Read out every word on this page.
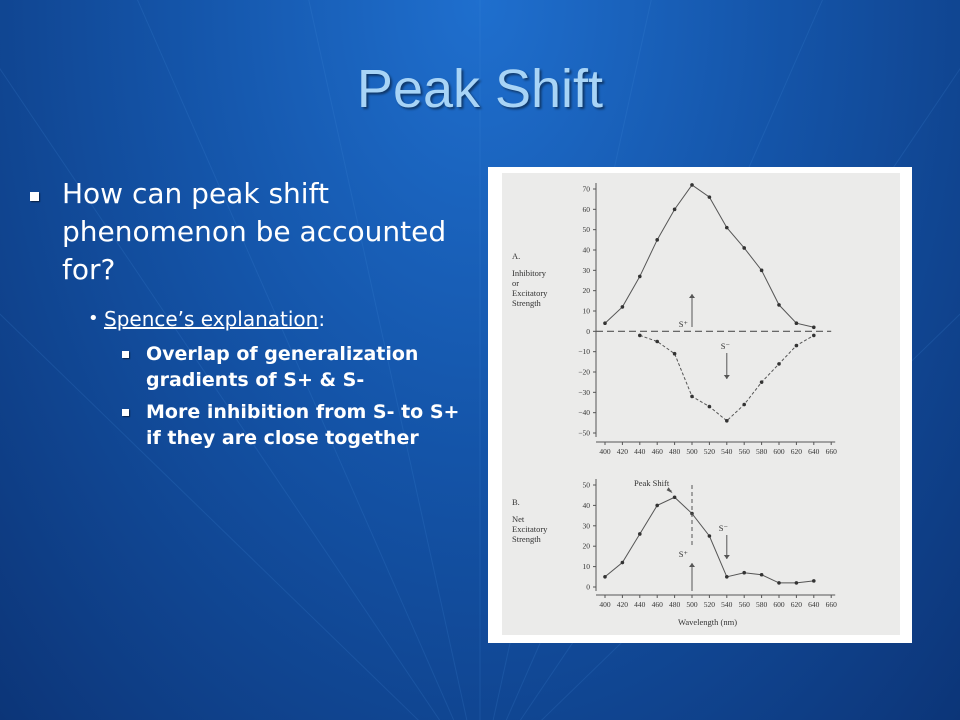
Peak Shift

How can peak shift phenomenon be accounted for?

• Spence’s explanation:
Overlap of generalization gradients of S+ & S-
More inhibition from S- to S+ if they are close together
A.
Inhibitory
or
Excitatory
Strength
B.
Net
Excitatory
Strength
Wavelength (nm)
70
60
50
40
30
20
10
0
−10
−20
−30
−40
−50
400 420 440 460 480 500 520 540 560 580 600 620 640 660
S⁺
S⁻
50
40
30
20
10
0
400 420 440 460 480 500 520 540 560 580 600 620 640 660
Peak Shift
S⁺
S⁻
